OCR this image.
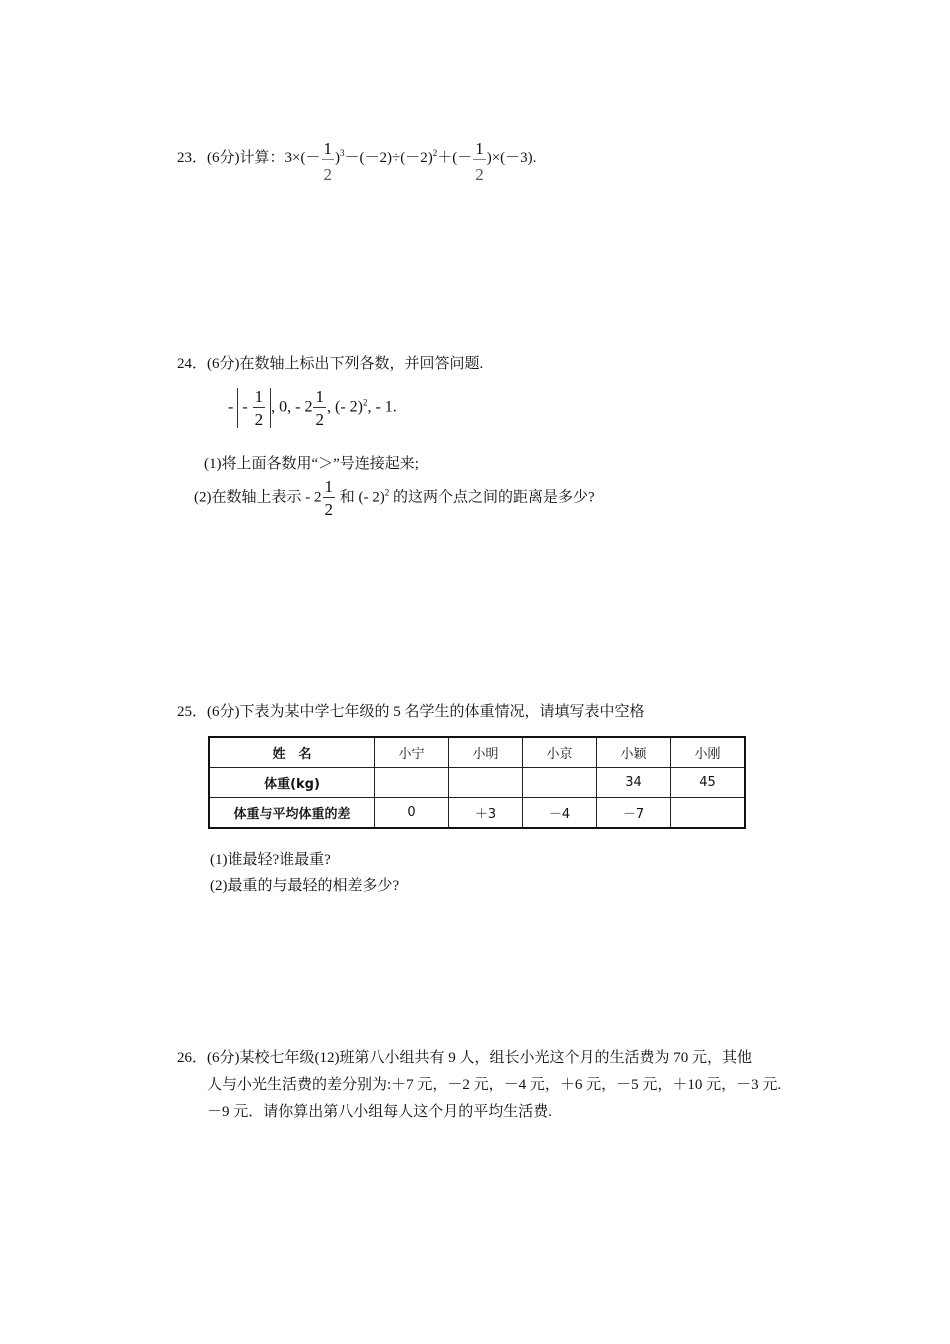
23．(6分)计算：$3\times(- \frac{1}{2} )^3-(-2)\div(-2)^2+(- \frac{1}{2} )\times(-3)$.
24．(6分)在数轴上标出下列各数，并回答问题.
- - $\frac{1}{2}$ , 0, - $2 \frac{1}{2}$ , (- 2)$^2$, - 1.
(1)将上面各数用“＞”号连接起来;
(2)在数轴上表示 - $2 \frac{1}{2}$ 和 (- 2)$^2$ 的这两个点之间的距离是多少?
25．(6分)下表为某中学七年级的 5 名学生的体重情况，请填写表中空格
姓　名	小宁	小明	小京	小颖	小刚
体重(kg)				34	45
体重与平均体重的差	0	＋3	－4	－7	
(1)谁最轻?谁最重?
(2)最重的与最轻的相差多少?
26．(6分)某校七年级(12)班第八小组共有 9 人，组长小光这个月的生活费为 70 元，其他
人与小光生活费的差分别为:＋7 元，－2 元，－4 元，＋6 元，－5 元，＋10 元，－3 元.
－9 元．请你算出第八小组每人这个月的平均生活费.
